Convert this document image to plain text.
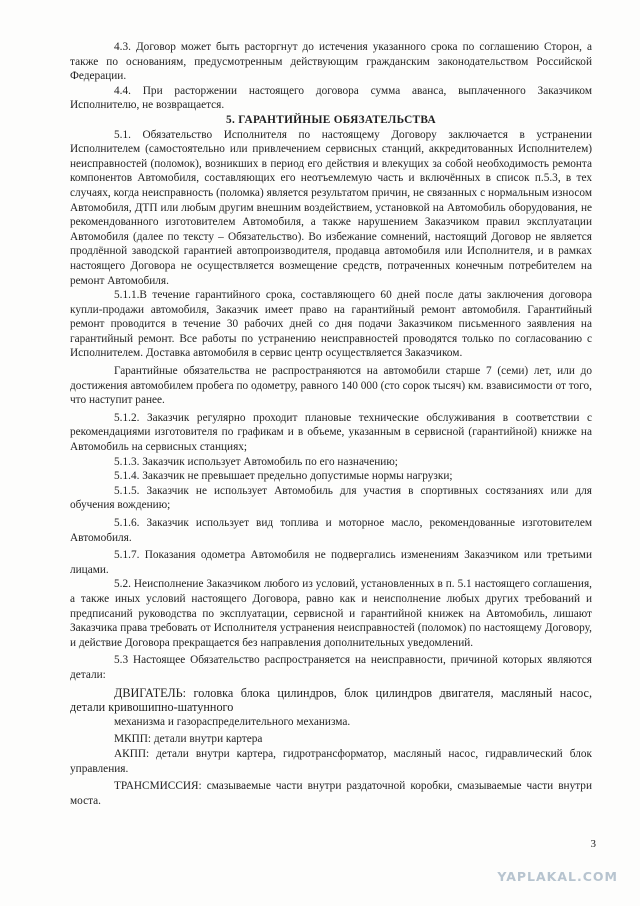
4.3. Договор может быть расторгнут до истечения указанного срока по соглашению Сторон, а также по основаниям, предусмотренным действующим гражданским законодательством Российской Федерации.

4.4. При расторжении настоящего договора сумма аванса, выплаченного Заказчиком Исполнителю, не возвращается.

5. ГАРАНТИЙНЫЕ ОБЯЗАТЕЛЬСТВА

5.1. Обязательство Исполнителя по настоящему Договору заключается в устранении Исполнителем (самостоятельно или привлечением сервисных станций, аккредитованных Исполнителем) неисправностей (поломок), возникших в период его действия и влекущих за собой необходимость ремонта компонентов Автомобиля, составляющих его неотъемлемую часть и включённых в список п.5.3, в тех случаях, когда неисправность (поломка) является результатом причин, не связанных с нормальным износом Автомобиля, ДТП или любым другим внешним воздействием, установкой на Автомобиль оборудования, не рекомендованного изготовителем Автомобиля, а также нарушением Заказчиком правил эксплуатации Автомобиля (далее по тексту – Обязательство). Во избежание сомнений, настоящий Договор не является продлённой заводской гарантией автопроизводителя, продавца автомобиля или Исполнителя, и в рамках настоящего Договора не осуществляется возмещение средств, потраченных конечным потребителем на ремонт Автомобиля.

5.1.1.В течение гарантийного срока, составляющего 60 дней после даты заключения договора купли-продажи автомобиля, Заказчик имеет право на гарантийный ремонт автомобиля. Гарантийный ремонт проводится в течение 30 рабочих дней со дня подачи Заказчиком письменного заявления на гарантийный ремонт. Все работы по устранению неисправностей проводятся только по согласованию с Исполнителем. Доставка автомобиля в сервис центр осуществляется Заказчиком.

Гарантийные обязательства не распространяются на автомобили старше 7 (семи) лет, или до достижения автомобилем пробега по одометру, равного 140 000 (сто сорок тысяч) км. взависимости от того, что наступит ранее.

5.1.2. Заказчик регулярно проходит плановые технические обслуживания в соответствии с рекомендациями изготовителя по графикам и в объеме, указанным в сервисной (гарантийной) книжке на Автомобиль на сервисных станциях;

5.1.3. Заказчик использует Автомобиль по его назначению;

5.1.4. Заказчик не превышает предельно допустимые нормы нагрузки;

5.1.5. Заказчик не использует Автомобиль для участия в спортивных состязаниях или для обучения вождению;

5.1.6. Заказчик использует вид топлива и моторное масло, рекомендованные изготовителем Автомобиля.

5.1.7. Показания одометра Автомобиля не подвергались изменениям Заказчиком или третьими лицами.

5.2. Неисполнение Заказчиком любого из условий, установленных в п. 5.1 настоящего соглашения, а также иных условий настоящего Договора, равно как и неисполнение любых других требований и предписаний руководства по эксплуатации, сервисной и гарантийной книжек на Автомобиль, лишают Заказчика права требовать от Исполнителя устранения неисправностей (поломок) по настоящему Договору, и действие Договора прекращается без направления дополнительных уведомлений.

5.3 Настоящее Обязательство распространяется на неисправности, причиной которых являются детали:

ДВИГАТЕЛЬ: головка блока цилиндров, блок цилиндров двигателя, масляный насос, детали кривошипно-шатунного

механизма и газораспределительного механизма.

МКПП: детали внутри картера

АКПП: детали внутри картера, гидротрансформатор, масляный насос, гидравлический блок управления.

ТРАНСМИССИЯ: смазываемые части внутри раздаточной коробки, смазываемые части внутри моста.

3
YAPLAKAL.COM
